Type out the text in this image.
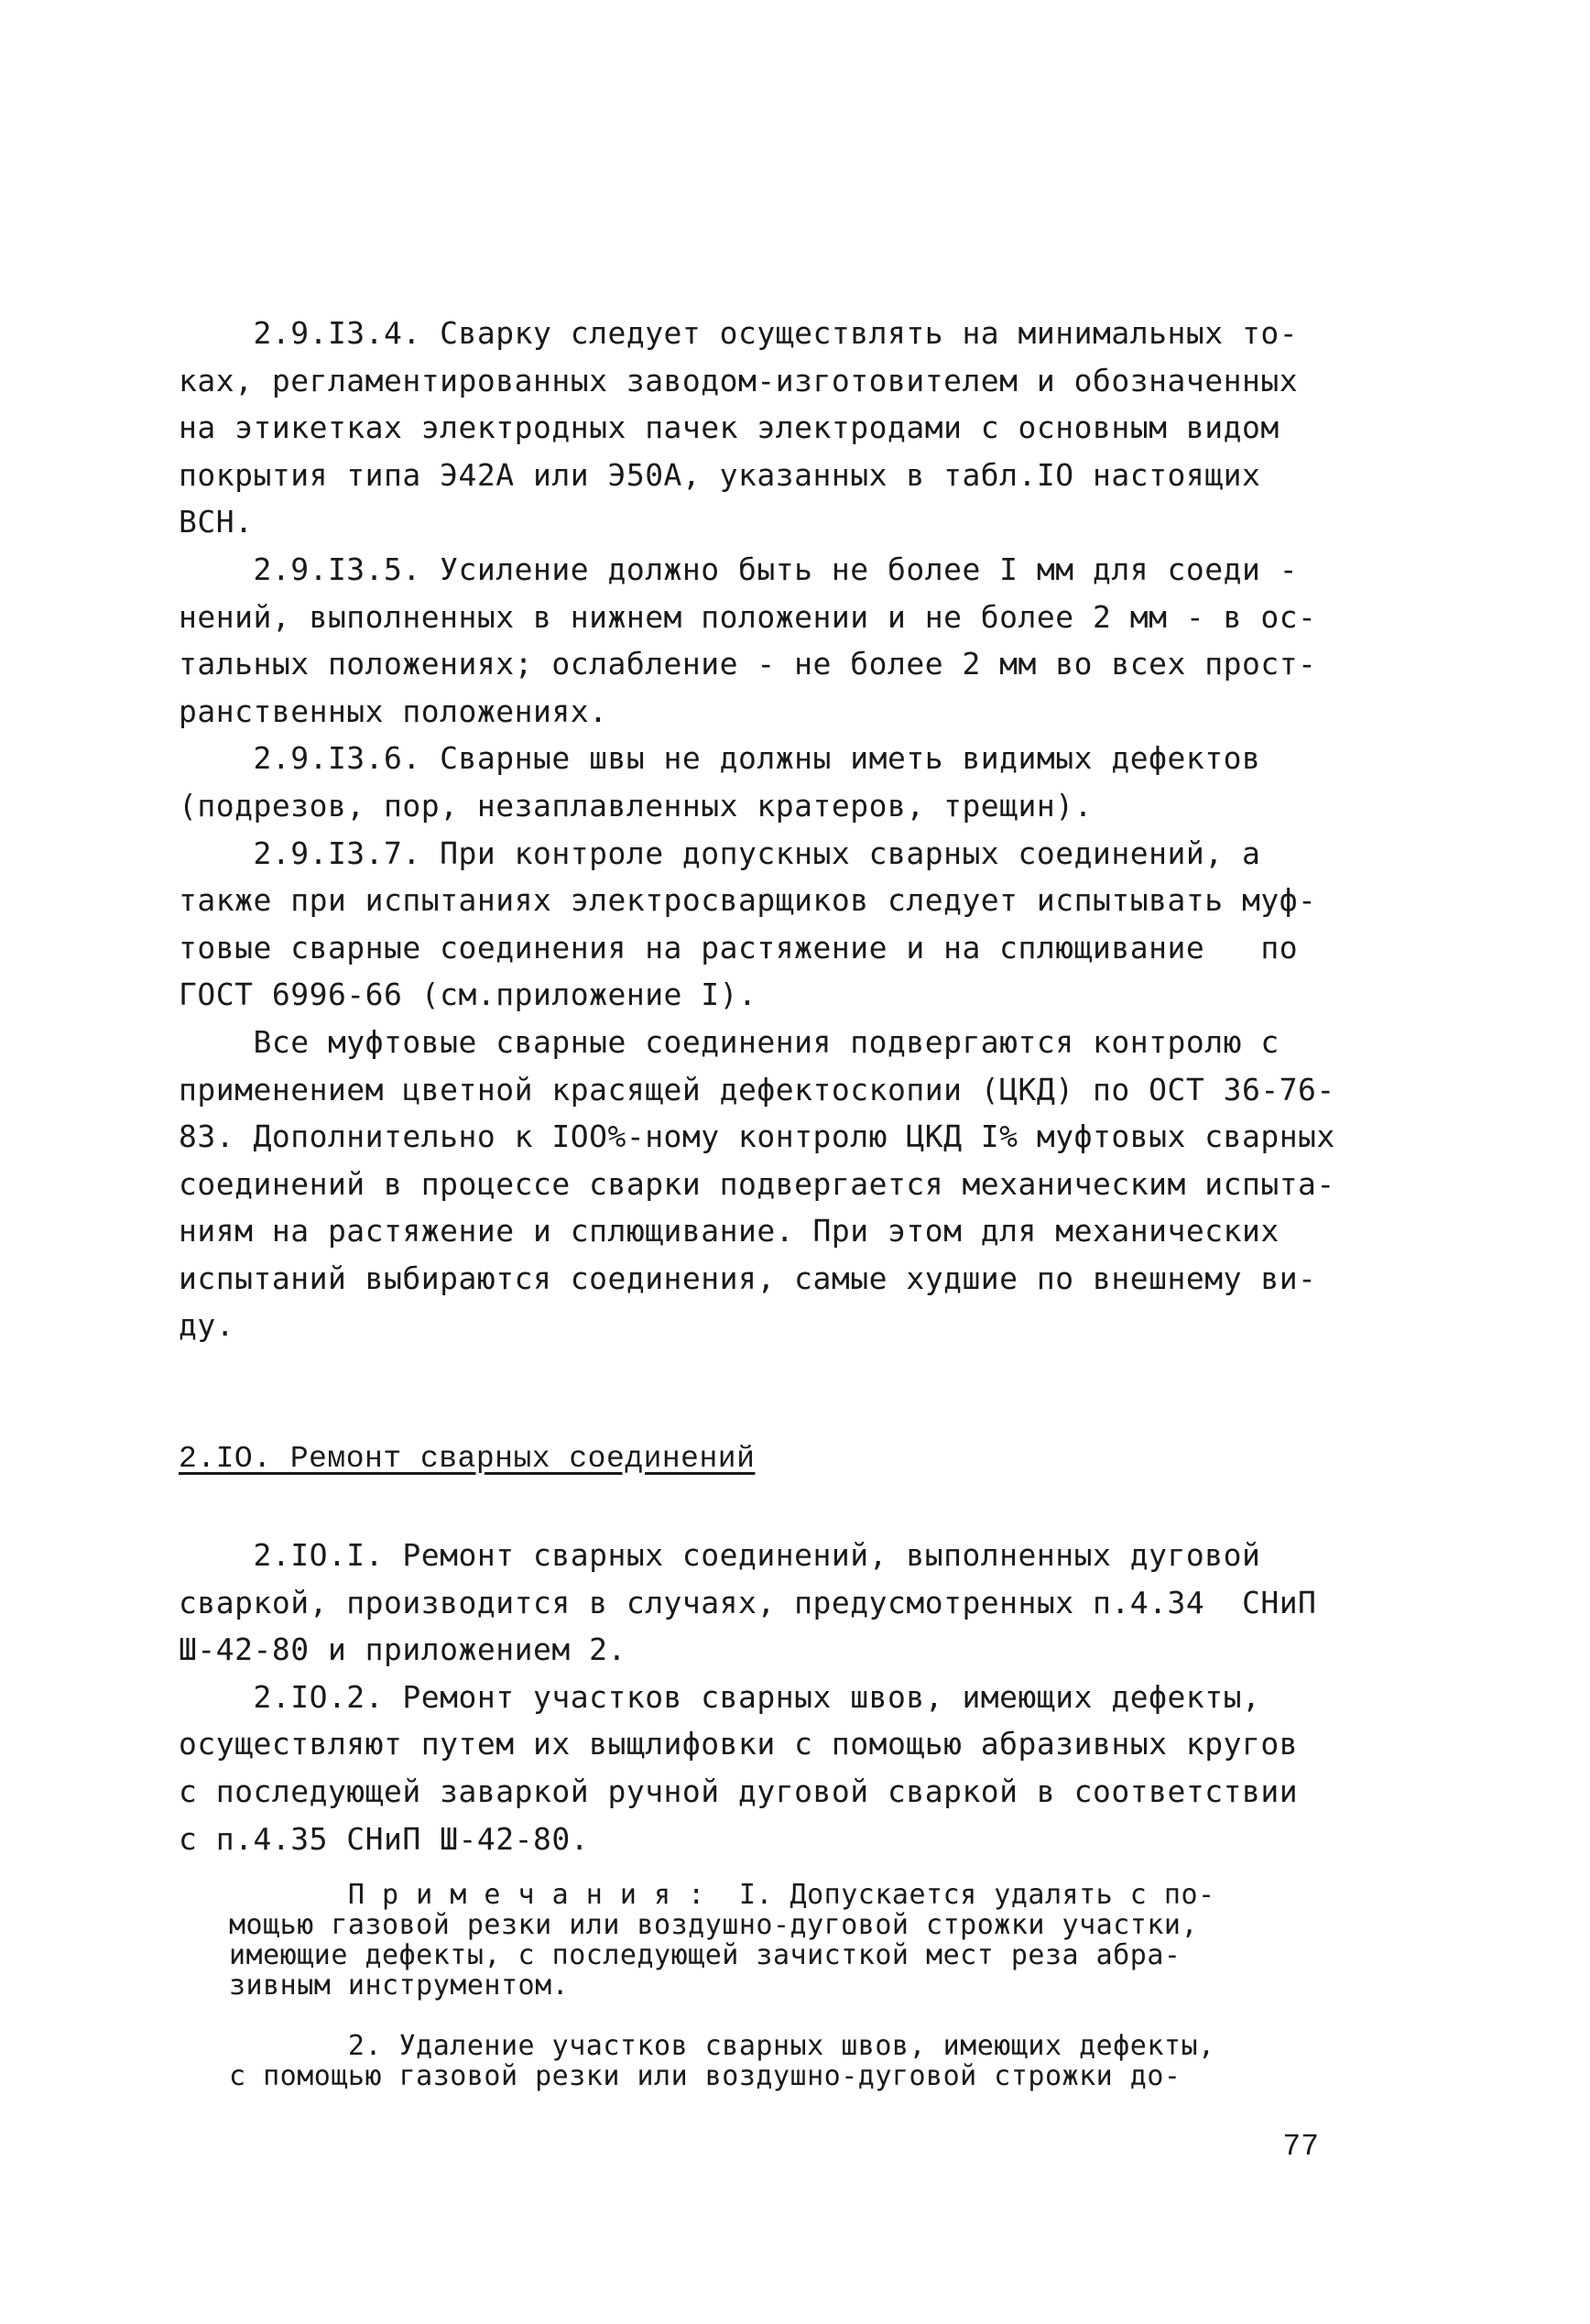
2.9.I3.4. Сварку следует осуществлять на минимальных то-
ках, регламентированных заводом-изготовителем и обозначенных
на этикетках электродных пачек электродами с основным видом
покрытия типа Э42А или Э50А, указанных в табл.IO настоящих
ВСН.
2.9.I3.5. Усиление должно быть не более I мм для соеди -
нений, выполненных в нижнем положении и не более 2 мм - в ос-
тальных положениях; ослабление - не более 2 мм во всех прост-
ранственных положениях.
2.9.I3.6. Сварные швы не должны иметь видимых дефектов
(подрезов, пор, незаплавленных кратеров, трещин).
2.9.I3.7. При контроле допускных сварных соединений, а
также при испытаниях электросварщиков следует испытывать муф-
товые сварные соединения на растяжение и на сплющивание   по
ГОСТ 6996-66 (см.приложение I).
Все муфтовые сварные соединения подвергаются контролю с
применением цветной красящей дефектоскопии (ЦКД) по ОСТ 36-76-
83. Дополнительно к IOO%-ному контролю ЦКД I% муфтовых сварных
соединений в процессе сварки подвергается механическим испыта-
ниям на растяжение и сплющивание. При этом для механических
испытаний выбираются соединения, самые худшие по внешнему ви-
ду.
2.IO. Ремонт сварных соединений
2.IO.I. Ремонт сварных соединений, выполненных дуговой
сваркой, производится в случаях, предусмотренных п.4.34  СНиП
Ш-42-80 и приложением 2.
2.IO.2. Ремонт участков сварных швов, имеющих дефекты,
осуществляют путем их выщлифовки с помощью абразивных кругов
с последующей заваркой ручной дуговой сваркой в соответствии
с п.4.35 СНиП Ш-42-80.
П р и м е ч а н и я :  I. Допускается удалять с по-
мощью газовой резки или воздушно-дуговой строжки участки,
имеющие дефекты, с последующей зачисткой мест реза абра-
зивным инструментом.

2. Удаление участков сварных швов, имеющих дефекты,
с помощью газовой резки или воздушно-дуговой строжки до-
77
